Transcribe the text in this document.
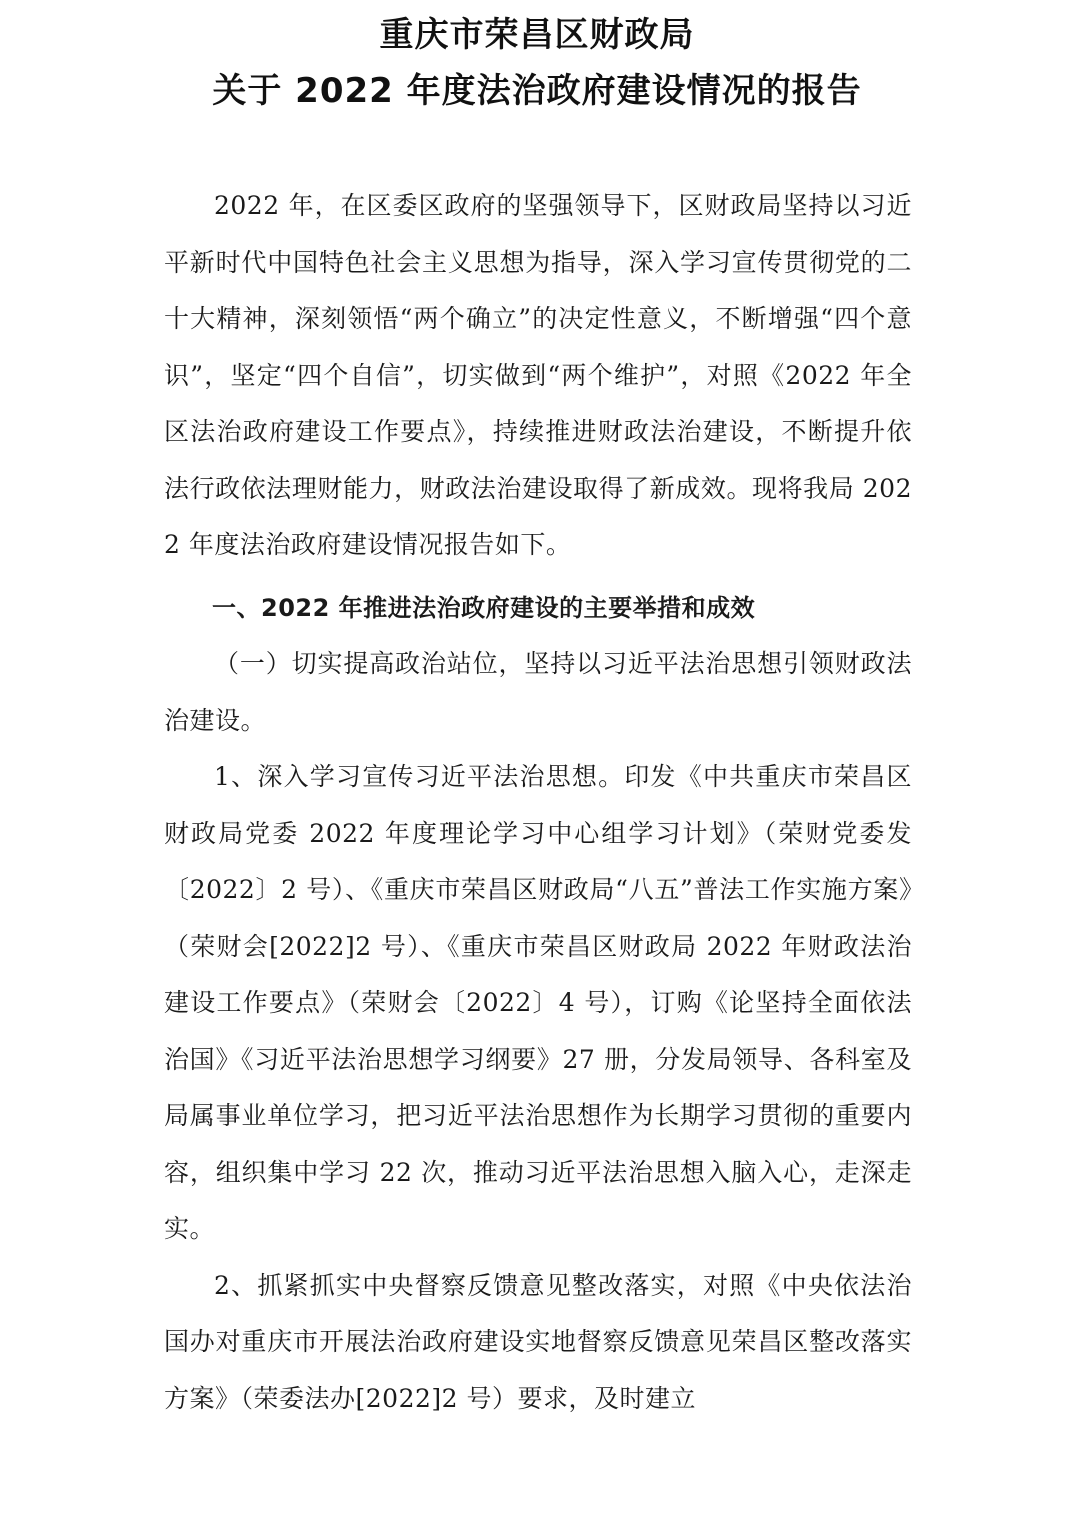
重庆市荣昌区财政局
关于 2022 年度法治政府建设情况的报告

2022 年，在区委区政府的坚强领导下，区财政局坚持以习近平新时代中国特色社会主义思想为指导，深入学习宣传贯彻党的二十大精神，深刻领悟“两个确立”的决定性意义，不断增强“四个意识”，坚定“四个自信”，切实做到“两个维护”，对照《2022 年全区法治政府建设工作要点》，持续推进财政法治建设，不断提升依法行政依法理财能力，财政法治建设取得了新成效。现将我局 2022 年度法治政府建设情况报告如下。

一、2022 年推进法治政府建设的主要举措和成效

（一）切实提高政治站位，坚持以习近平法治思想引领财政法治建设。

1、深入学习宣传习近平法治思想。印发《中共重庆市荣昌区财政局党委 2022 年度理论学习中心组学习计划》（荣财党委发〔2022〕2 号）、《重庆市荣昌区财政局“八五”普法工作实施方案》（荣财会[2022]2 号）、《重庆市荣昌区财政局 2022 年财政法治建设工作要点》（荣财会〔2022〕4 号），订购《论坚持全面依法治国》《习近平法治思想学习纲要》27 册，分发局领导、各科室及局属事业单位学习，把习近平法治思想作为长期学习贯彻的重要内容，组织集中学习 22 次，推动习近平法治思想入脑入心，走深走实。

2、抓紧抓实中央督察反馈意见整改落实，对照《中央依法治国办对重庆市开展法治政府建设实地督察反馈意见荣昌区整改落实方案》（荣委法办[2022]2 号）要求，及时建立
